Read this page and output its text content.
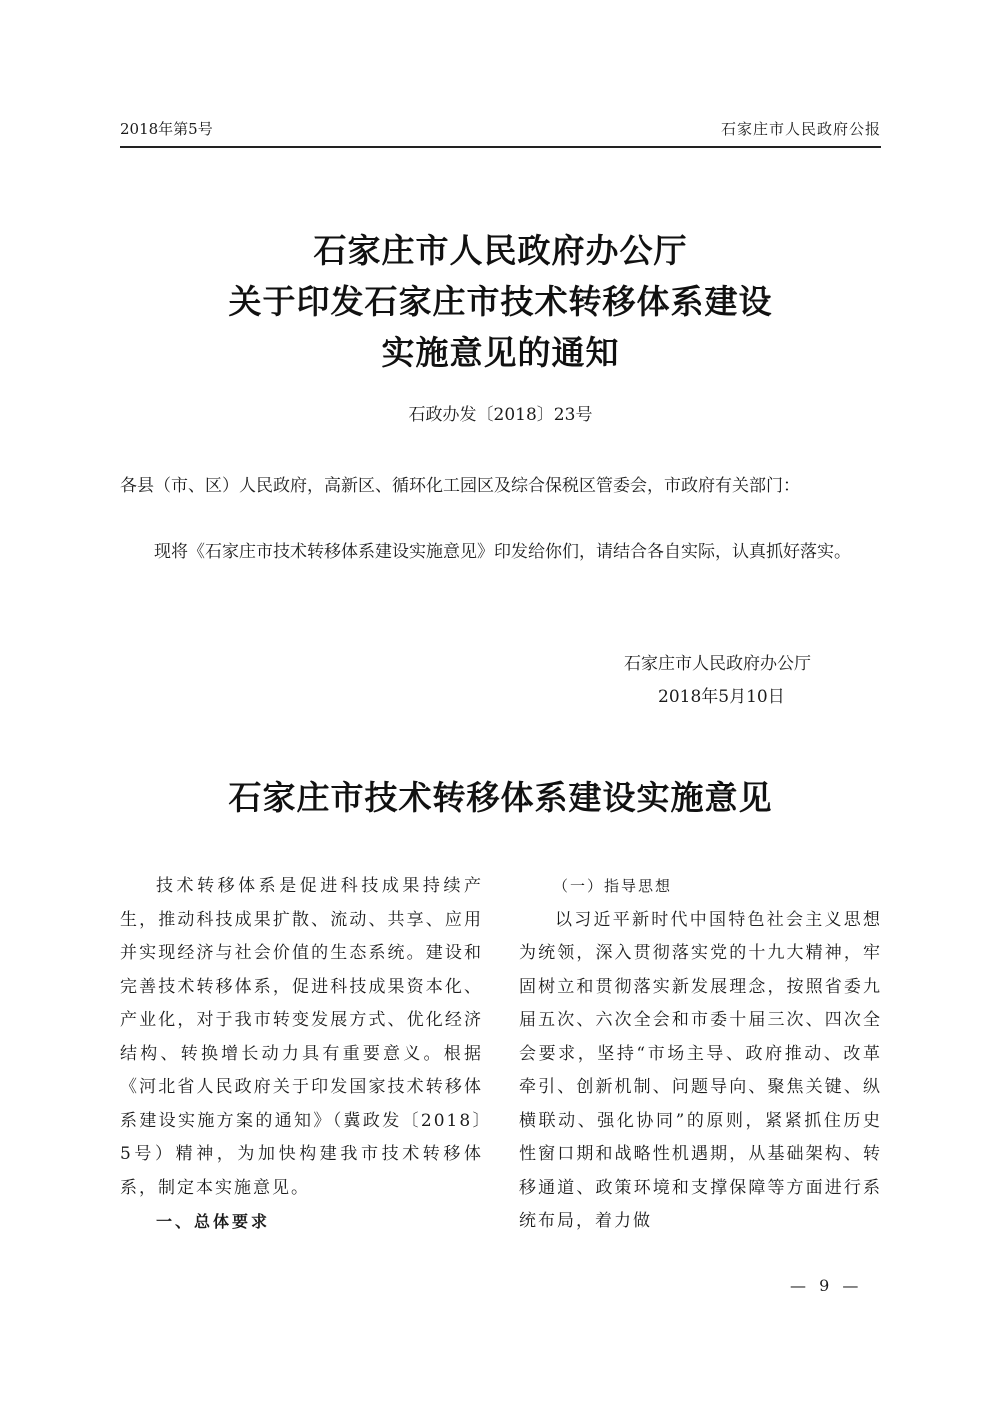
2018年第5号	石家庄市人民政府公报
石家庄市人民政府办公厅
关于印发石家庄市技术转移体系建设
实施意见的通知
石政办发〔2018〕23号
各县（市、区）人民政府，高新区、循环化工园区及综合保税区管委会，市政府有关部门：
现将《石家庄市技术转移体系建设实施意见》印发给你们，请结合各自实际，认真抓好落实。
石家庄市人民政府办公厅
2018年5月10日
石家庄市技术转移体系建设实施意见
技术转移体系是促进科技成果持续产生，推动科技成果扩散、流动、共享、应用并实现经济与社会价值的生态系统。建设和完善技术转移体系，促进科技成果资本化、产业化，对于我市转变发展方式、优化经济结构、转换增长动力具有重要意义。根据《河北省人民政府关于印发国家技术转移体系建设实施方案的通知》（冀政发〔2018〕5号）精神，为加快构建我市技术转移体系，制定本实施意见。
一、总体要求
（一）指导思想
以习近平新时代中国特色社会主义思想为统领，深入贯彻落实党的十九大精神，牢固树立和贯彻落实新发展理念，按照省委九届五次、六次全会和市委十届三次、四次全会要求，坚持“市场主导、政府推动、改革牵引、创新机制、问题导向、聚焦关键、纵横联动、强化协同”的原则，紧紧抓住历史性窗口期和战略性机遇期，从基础架构、转移通道、政策环境和支撑保障等方面进行系统布局，着力做
— 9 —
